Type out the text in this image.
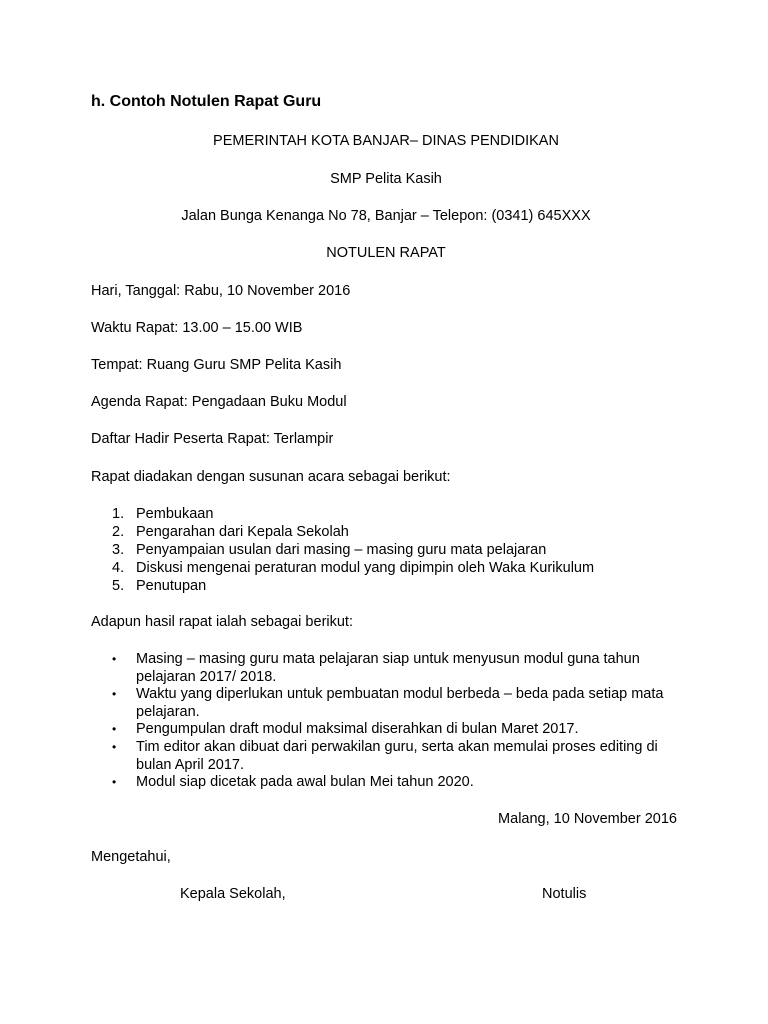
h. Contoh Notulen Rapat Guru
PEMERINTAH KOTA BANJAR– DINAS PENDIDIKAN
SMP Pelita Kasih
Jalan Bunga Kenanga No 78, Banjar – Telepon: (0341) 645XXX
NOTULEN RAPAT
Hari, Tanggal: Rabu, 10 November 2016
Waktu Rapat: 13.00 – 15.00 WIB
Tempat: Ruang Guru SMP Pelita Kasih
Agenda Rapat: Pengadaan Buku Modul
Daftar Hadir Peserta Rapat: Terlampir
Rapat diadakan dengan susunan acara sebagai berikut:
1. Pembukaan
2. Pengarahan dari Kepala Sekolah
3. Penyampaian usulan dari masing – masing guru mata pelajaran
4. Diskusi mengenai peraturan modul yang dipimpin oleh Waka Kurikulum
5. Penutupan
Adapun hasil rapat ialah sebagai berikut:
• Masing – masing guru mata pelajaran siap untuk menyusun modul guna tahun pelajaran 2017/ 2018.
• Waktu yang diperlukan untuk pembuatan modul berbeda – beda pada setiap mata pelajaran.
• Pengumpulan draft modul maksimal diserahkan di bulan Maret 2017.
• Tim editor akan dibuat dari perwakilan guru, serta akan memulai proses editing di bulan April 2017.
• Modul siap dicetak pada awal bulan Mei tahun 2020.
Malang, 10 November 2016
Mengetahui,
Kepala Sekolah,	Notulis
